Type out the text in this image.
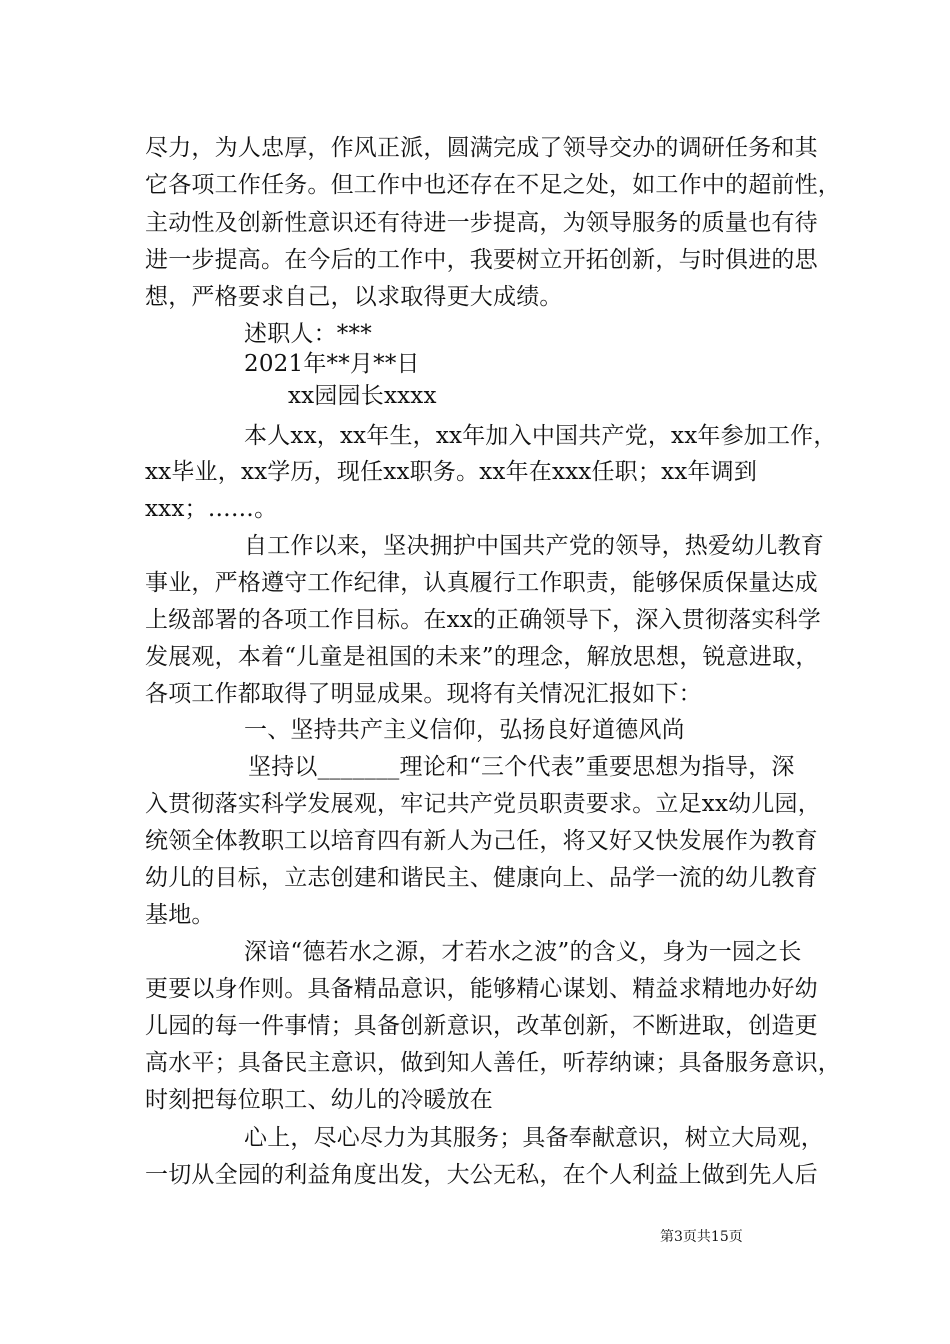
尽力，为人忠厚，作风正派，圆满完成了领导交办的调研任务和其
它各项工作任务。但工作中也还存在不足之处，如工作中的超前性，
主动性及创新性意识还有待进一步提高，为领导服务的质量也有待
进一步提高。在今后的工作中，我要树立开拓创新，与时俱进的思
想，严格要求自己，以求取得更大成绩。
述职人：***
2021年**月**日
xx园园长xxxx
本人xx，xx年生，xx年加入中国共产党，xx年参加工作，
xx毕业，xx学历，现任xx职务。xx年在xxx任职；xx年调到
xxx；……。
自工作以来，坚决拥护中国共产党的领导，热爱幼儿教育
事业，严格遵守工作纪律，认真履行工作职责，能够保质保量达成
上级部署的各项工作目标。在xx的正确领导下，深入贯彻落实科学
发展观，本着“儿童是祖国的未来”的理念，解放思想，锐意进取，
各项工作都取得了明显成果。现将有关情况汇报如下：
一、坚持共产主义信仰，弘扬良好道德风尚
坚持以_______理论和“三个代表”重要思想为指导，深
入贯彻落实科学发展观，牢记共产党员职责要求。立足xx幼儿园，
统领全体教职工以培育四有新人为己任，将又好又快发展作为教育
幼儿的目标，立志创建和谐民主、健康向上、品学一流的幼儿教育
基地。
深谙“德若水之源，才若水之波”的含义，身为一园之长
更要以身作则。具备精品意识，能够精心谋划、精益求精地办好幼
儿园的每一件事情；具备创新意识，改革创新，不断进取，创造更
高水平；具备民主意识，做到知人善任，听荐纳谏；具备服务意识，
时刻把每位职工、幼儿的冷暖放在
心上，尽心尽力为其服务；具备奉献意识，树立大局观，
一切从全园的利益角度出发，大公无私，在个人利益上做到先人后
第3页共15页
